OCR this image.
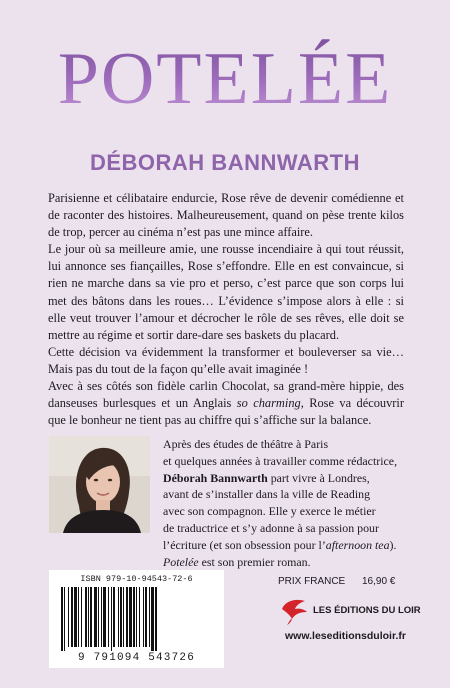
POTELÉE
DÉBORAH BANNWARTH

Parisienne et célibataire endurcie, Rose rêve de devenir comédienne et de raconter des histoires. Malheureusement, quand on pèse trente kilos de trop, percer au cinéma n’est pas une mince affaire.

Le jour où sa meilleure amie, une rousse incendiaire à qui tout réussit, lui annonce ses fiançailles, Rose s’effondre. Elle en est convaincue, si rien ne marche dans sa vie pro et perso, c’est parce que son corps lui met des bâtons dans les roues… L’évidence s’impose alors à elle : si elle veut trouver l’amour et décrocher le rôle de ses rêves, elle doit se mettre au régime et sortir dare-dare ses baskets du placard.

Cette décision va évidemment la transformer et bouleverser sa vie… Mais pas du tout de la façon qu’elle avait imaginée !

Avec à ses côtés son fidèle carlin Chocolat, sa grand-mère hippie, des danseuses burlesques et un Anglais so charming, Rose va découvrir que le bonheur ne tient pas au chiffre qui s’affiche sur la balance.

Après des études de théâtre à Paris
et quelques années à travailler comme rédactrice,
Déborah Bannwarth part vivre à Londres,
avant de s’installer dans la ville de Reading
avec son compagnon. Elle y exerce le métier
de traductrice et s’y adonne à sa passion pour
l’écriture (et son obsession pour l’afternoon tea).
Potelée est son premier roman.
ISBN 979-10-94543-72-6
9 791094 543726
PRIX FRANCE 16,90 €
LES ÉDITIONS DU LOIR
www.leseditionsduloir.fr
